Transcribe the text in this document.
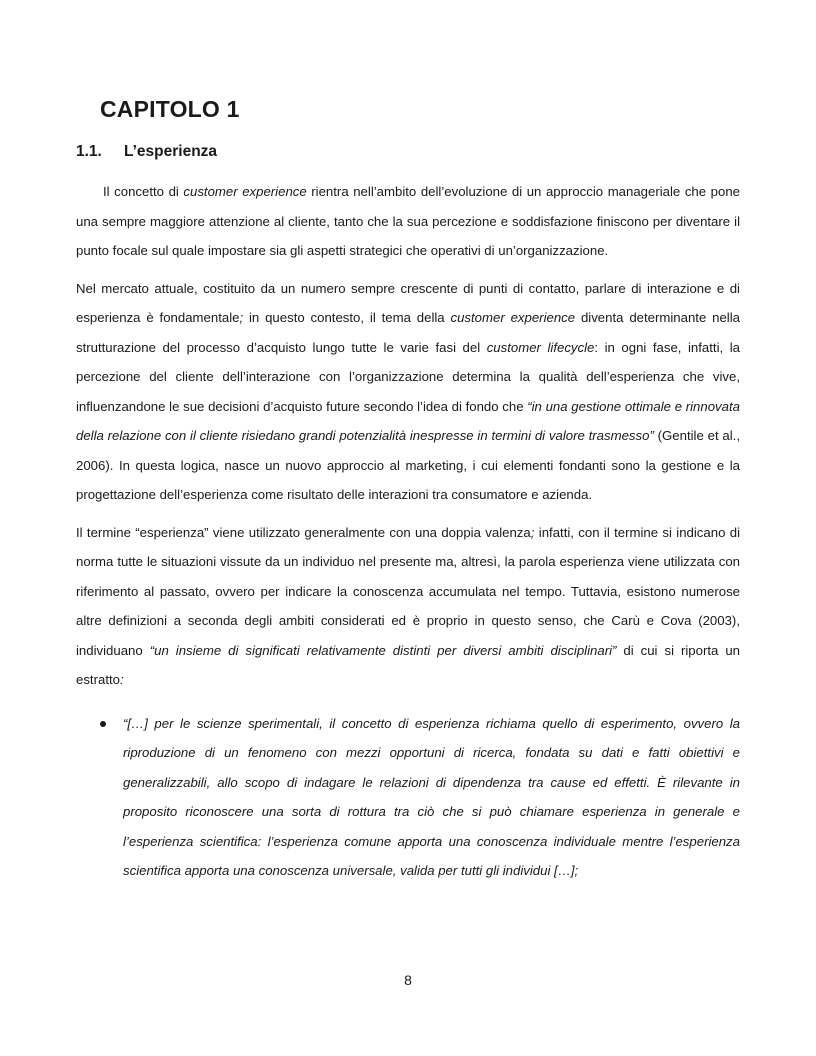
CAPITOLO 1
1.1. L’esperienza

Il concetto di customer experience rientra nell’ambito dell’evoluzione di un approccio manageriale che pone una sempre maggiore attenzione al cliente, tanto che la sua percezione e soddisfazione finiscono per diventare il punto focale sul quale impostare sia gli aspetti strategici che operativi di un’organizzazione.

Nel mercato attuale, costituito da un numero sempre crescente di punti di contatto, parlare di interazione e di esperienza è fondamentale; in questo contesto, il tema della customer experience diventa determinante nella strutturazione del processo d’acquisto lungo tutte le varie fasi del customer lifecycle: in ogni fase, infatti, la percezione del cliente dell’interazione con l’organizzazione determina la qualità dell’esperienza che vive, influenzandone le sue decisioni d’acquisto future secondo l’idea di fondo che “in una gestione ottimale e rinnovata della relazione con il cliente risiedano grandi potenzialità inespresse in termini di valore trasmesso” (Gentile et al., 2006). In questa logica, nasce un nuovo approccio al marketing, i cui elementi fondanti sono la gestione e la progettazione dell’esperienza come risultato delle interazioni tra consumatore e azienda.

Il termine “esperienza” viene utilizzato generalmente con una doppia valenza; infatti, con il termine si indicano di norma tutte le situazioni vissute da un individuo nel presente ma, altresì, la parola esperienza viene utilizzata con riferimento al passato, ovvero per indicare la conoscenza accumulata nel tempo. Tuttavia, esistono numerose altre definizioni a seconda degli ambiti considerati ed è proprio in questo senso, che Carù e Cova (2003), individuano “un insieme di significati relativamente distinti per diversi ambiti disciplinari” di cui si riporta un estratto:

“[…] per le scienze sperimentali, il concetto di esperienza richiama quello di esperimento, ovvero la riproduzione di un fenomeno con mezzi opportuni di ricerca, fondata su dati e fatti obiettivi e generalizzabili, allo scopo di indagare le relazioni di dipendenza tra cause ed effetti. È rilevante in proposito riconoscere una sorta di rottura tra ciò che si può chiamare esperienza in generale e l’esperienza scientifica: l’esperienza comune apporta una conoscenza individuale mentre l’esperienza scientifica apporta una conoscenza universale, valida per tutti gli individui […];
8
